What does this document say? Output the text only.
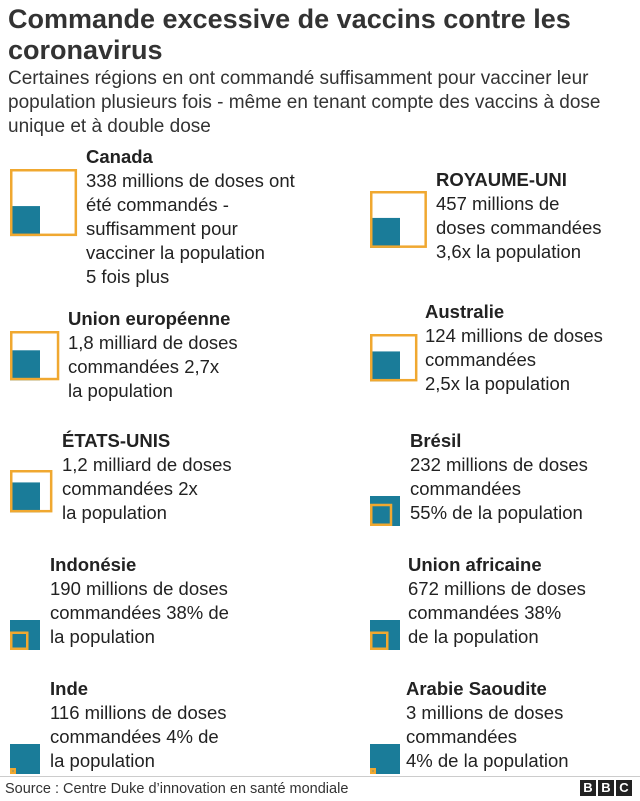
Commande excessive de vaccins contre les coronavirus

Certaines régions en ont commandé suffisamment pour vacciner leur population plusieurs fois - même en tenant compte des vaccins à dose unique et à double dose

Canada
338 millions de doses ont
été commandés -
suffisamment pour
vacciner la population
5 fois plus
ROYAUME-UNI
457 millions de
doses commandées
3,6x la population
Union européenne
1,8 milliard de doses
commandées 2,7x
la population
Australie
124 millions de doses
commandées
2,5x la population
ÉTATS-UNIS
1,2 milliard de doses
commandées 2x
la population
Brésil
232 millions de doses
commandées
55% de la population
Indonésie
190 millions de doses
commandées 38% de
la population
Union africaine
672 millions de doses
commandées 38%
de la population
Inde
116 millions de doses
commandées 4% de
la population
Arabie Saoudite
3 millions de doses
commandées
4% de la population
Source : Centre Duke d’innovation en santé mondiale	B B C
